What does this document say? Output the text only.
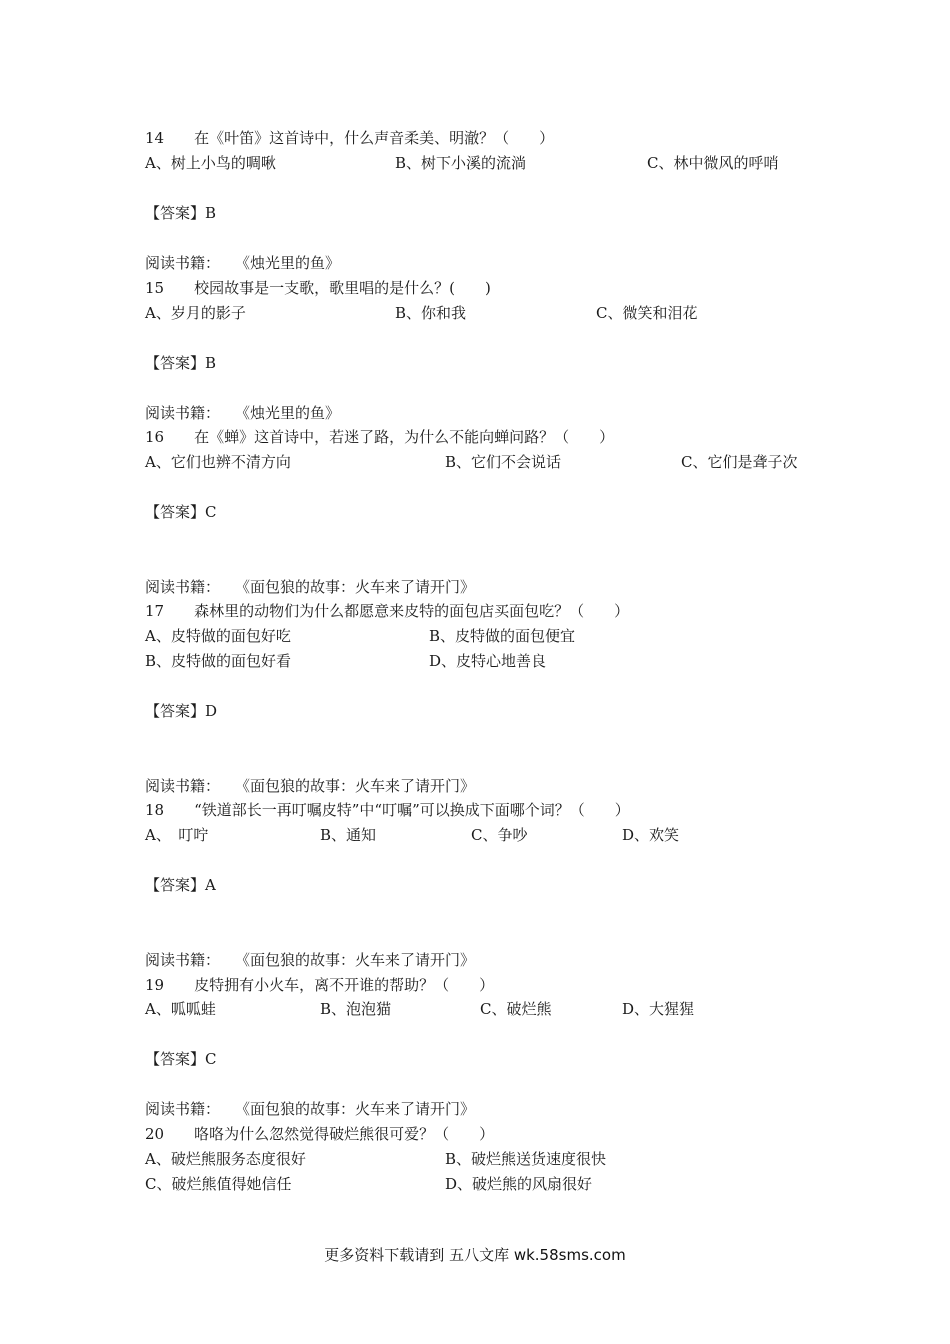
14　　在《叶笛》这首诗中，什么声音柔美、明澈？（　　）
A、树上小鸟的啁啾	B、树下小溪的流淌	C、林中微风的呼哨
【答案】B
阅读书籍：　　《烛光里的鱼》
15　　校园故事是一支歌，歌里唱的是什么？(　　)
A、岁月的影子	B、你和我	C、微笑和泪花
【答案】B
阅读书籍：　　《烛光里的鱼》
16　　在《蝉》这首诗中，若迷了路，为什么不能向蝉问路？（　　）
A、它们也辨不清方向	B、它们不会说话	C、它们是聋子次
【答案】C
阅读书籍：　　《面包狼的故事：火车来了请开门》
17　　森林里的动物们为什么都愿意来皮特的面包店买面包吃？（　　）
A、皮特做的面包好吃	B、皮特做的面包便宜
B、皮特做的面包好看	D、皮特心地善良
【答案】D
阅读书籍：　　《面包狼的故事：火车来了请开门》
18　　“铁道部长一再叮嘱皮特”中“叮嘱”可以换成下面哪个词？（　　）
A、　叮咛	B、通知	C、争吵	D、欢笑
【答案】A
阅读书籍：　　《面包狼的故事：火车来了请开门》
19　　皮特拥有小火车，离不开谁的帮助？（　　）
A、呱呱蛙	B、泡泡猫	C、破烂熊	D、大猩猩
【答案】C
阅读书籍：　　《面包狼的故事：火车来了请开门》
20　　咯咯为什么忽然觉得破烂熊很可爱？（　　）
A、破烂熊服务态度很好	B、破烂熊送货速度很快
C、破烂熊值得她信任	D、破烂熊的风扇很好
更多资料下载请到 五八文库 wk.58sms.com
